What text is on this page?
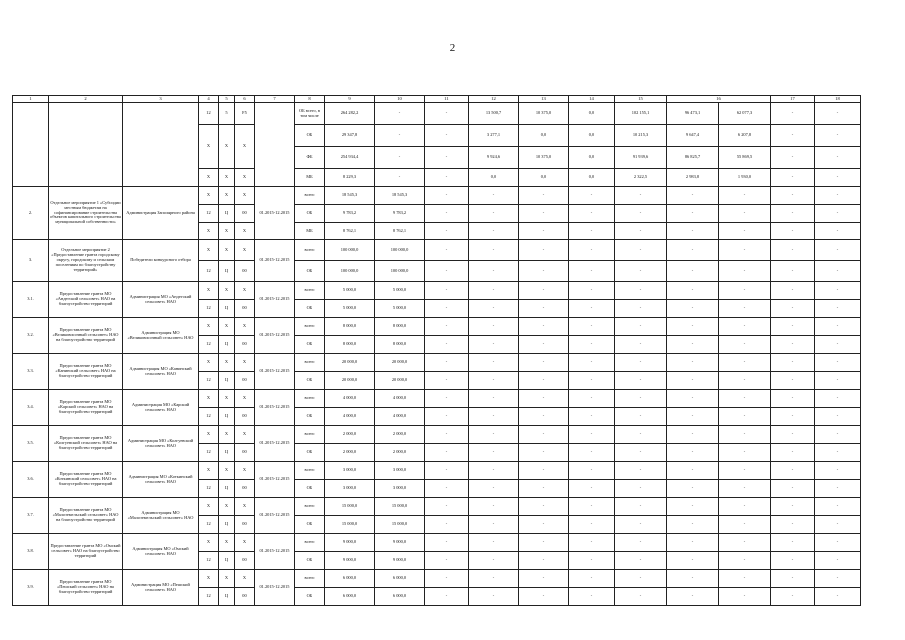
2
1	2	3	4	5	6	7	8	9	10	11	12	13	14	15	16		17	18
			12	5	F5		ОБ всего, в том числе	264 282,2	-	-	13 500,7	10 375,0	0,0	102 155,1	96 473,1	62 077,3	-	-
			X	X	X		ОБ	29 347,8	-	-	3 277,1	0,0	0,0	10 215,3	9 647,4	6 207,8	-	-
							ФБ	254 934,4	-	-	9 924,6	10 375,0	0,0	91 939,6	86 825,7	55 869,5	-	-
			X	X	X		МБ	8 229,3	-	-	0,0	0,0	0,0	2 322,5	2 983,8	1 930,0	-	-
2.	Отдельное мероприятие 1 «Субсидии местным бюджетам на софинансирование строительства объектов капитального строительства муниципальной собственности»	Администрация Заполярного района	X	X	X	01.2015-12.2015	всего	18 545,3	18 545,3	-	-	-	-	-	-	-	-	-
			12	Ц	00		ОБ	9 783,2	9 783,2	-	-	-	-	-	-	-	-	-
			X	X	X		МБ	8 762,1	8 762,1	-	-	-	-	-	-	-	-	-
3.	Отдельное мероприятие 2 «Предоставление гранта городскому округу, городскому и сельским поселениям по благоустройству территорий»	Победители конкурсного отбора	X	X	X	01.2015-12.2015	всего	100 000,0	100 000,0	-	-	-	-	-	-	-	-	-
			12	Ц	00		ОБ	100 000,0	100 000,0	-	-	-	-	-	-	-	-	-
3.1.	Предоставление гранта МО «Андегский сельсовет» НАО на благоустройство территорий	Администрация МО «Андегский сельсовет» НАО	X	X	X	01.2015-12.2015	всего	5 000,0	5 000,0	-	-	-	-	-	-	-	-	-
			12	Ц	00		ОБ	5 000,0	5 000,0	-	-	-	-	-	-	-	-	-
3.2.	Предоставление гранта МО «Великовисочный сельсовет» НАО на благоустройство территорий	Администрация МО «Великовисочный сельсовет» НАО	X	X	X	01.2015-12.2015	всего	8 000,0	8 000,0	-	-	-	-	-	-	-	-	-
			12	Ц	00		ОБ	8 000,0	8 000,0	-	-	-	-	-	-	-	-	-
3.3.	Предоставление гранта МО «Канинский сельсовет» НАО на благоустройство территорий	Администрация МО «Канинский сельсовет» НАО	X	X	X	01.2015-12.2015	всего	20 000,0	20 000,0	-	-	-	-	-	-	-	-	-
			12	Ц	00		ОБ	20 000,0	20 000,0	-	-	-	-	-	-	-	-	-
3.4.	Предоставление гранта МО «Карский сельсовет» НАО на благоустройство территорий	Администрация МО «Карский сельсовет» НАО	X	X	X	01.2015-12.2015	всего	4 000,0	4 000,0	-	-	-	-	-	-	-	-	-
			12	Ц	00		ОБ	4 000,0	4 000,0	-	-	-	-	-	-	-	-	-
3.5.	Предоставление гранта МО «Колгуевский сельсовет» НАО на благоустройство территорий	Администрация МО «Колгуевский сельсовет» НАО	X	X	X	01.2015-12.2015	всего	2 000,0	2 000,0	-	-	-	-	-	-	-	-	-
			12	Ц	00		ОБ	2 000,0	2 000,0	-	-	-	-	-	-	-	-	-
3.6.	Предоставление гранта МО «Коткинский сельсовет» НАО на благоустройство территорий	Администрация МО «Коткинский сельсовет» НАО	X	X	X	01.2015-12.2015	всего	3 000,0	3 000,0	-	-	-	-	-	-	-	-	-
			12	Ц	00		ОБ	3 000,0	3 000,0	-	-	-	-	-	-	-	-	-
3.7.	Предоставление гранта МО «Малоземельский сельсовет» НАО на благоустройство территорий	Администрация МО «Малоземельский сельсовет» НАО	X	X	X	01.2015-12.2015	всего	15 000,0	15 000,0	-	-	-	-	-	-	-	-	-
			12	Ц	00		ОБ	15 000,0	15 000,0	-	-	-	-	-	-	-	-	-
3.8.	Предоставление гранта МО «Омский сельсовет» НАО на благоустройство территорий	Администрация МО «Омский сельсовет» НАО	X	X	X	01.2015-12.2015	всего	9 000,0	9 000,0	-	-	-	-	-	-	-	-	-
			12	Ц	00		ОБ	9 000,0	9 000,0	-	-	-	-	-	-	-	-	-
3.9.	Предоставление гранта МО «Пешский сельсовет» НАО на благоустройство территорий	Администрация МО «Пешский сельсовет» НАО	X	X	X	01.2015-12.2015	всего	6 000,0	6 000,0	-	-	-	-	-	-	-	-	-
			12	Ц	00		ОБ	6 000,0	6 000,0	-	-	-	-	-	-	-	-	-
